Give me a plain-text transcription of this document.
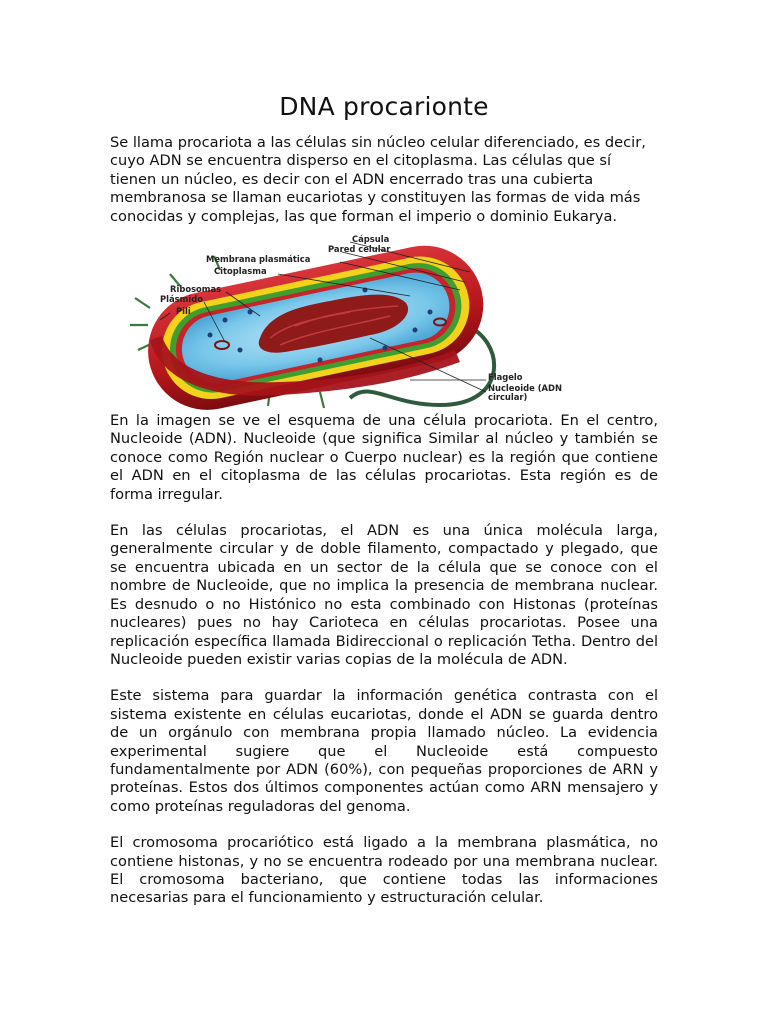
DNA procarionte

Se llama procariota a las células sin núcleo celular diferenciado, es decir, cuyo ADN se encuentra disperso en el citoplasma. Las células que sí tienen un núcleo, es decir con el ADN encerrado tras una cubierta membranosa se llaman eucariotas y constituyen las formas de vida más conocidas y complejas, las que forman el imperio o dominio Eukarya.

Cápsula
Pared celular
Membrana plasmática
Citoplasma
Ribosomas
Plásmido
Pili
Flagelo
Nucleoide (ADN
circular)

En la imagen se ve el esquema de una célula procariota. En el centro, Nucleoide (ADN). Nucleoide (que significa Similar al núcleo y también se conoce como Región nuclear o Cuerpo nuclear) es la región que contiene el ADN en el citoplasma de las células procariotas. Esta región es de forma irregular.

En las células procariotas, el ADN es una única molécula larga, generalmente circular y de doble filamento, compactado y plegado, que se encuentra ubicada en un sector de la célula que se conoce con el nombre de Nucleoide, que no implica la presencia de membrana nuclear. Es desnudo o no Histónico no esta combinado con Histonas (proteínas nucleares) pues no hay Carioteca en células procariotas. Posee una replicación específica llamada Bidireccional o replicación Tetha. Dentro del Nucleoide pueden existir varias copias de la molécula de ADN.

Este sistema para guardar la información genética contrasta con el sistema existente en células eucariotas, donde el ADN se guarda dentro de un orgánulo con membrana propia llamado núcleo. La evidencia experimental sugiere que el Nucleoide está compuesto fundamentalmente por ADN (60%), con pequeñas proporciones de ARN y proteínas. Estos dos últimos componentes actúan como ARN mensajero y como proteínas reguladoras del genoma.

El cromosoma procariótico está ligado a la membrana plasmática, no contiene histonas, y no se encuentra rodeado por una membrana nuclear. El cromosoma bacteriano, que contiene todas las informaciones necesarias para el funcionamiento y estructuración celular.
